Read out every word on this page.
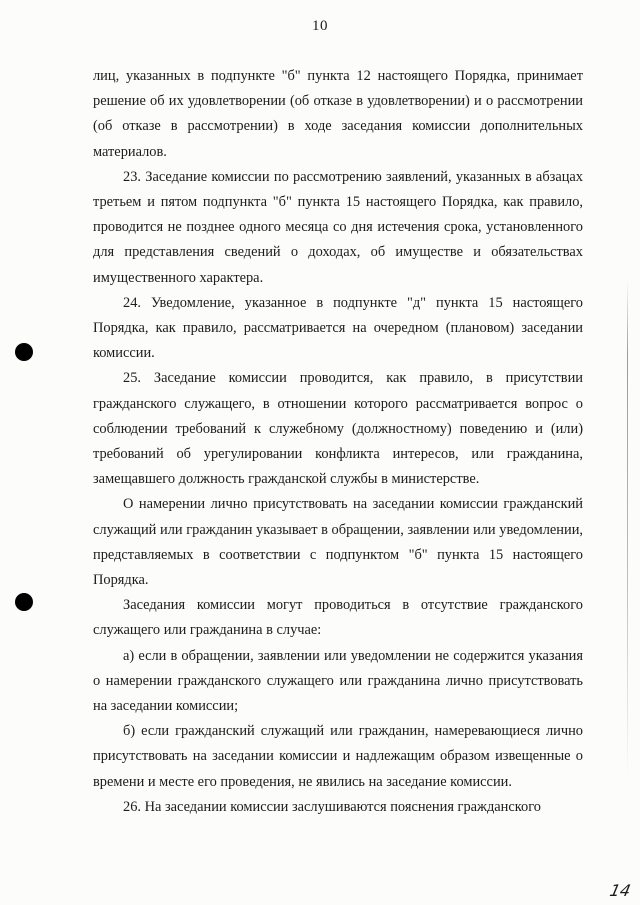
10

лиц, указанных в подпункте "б" пункта 12 настоящего Порядка, принимает решение об их удовлетворении (об отказе в удовлетворении) и о рассмотрении (об отказе в рассмотрении) в ходе заседания комиссии дополнительных материалов.

23. Заседание комиссии по рассмотрению заявлений, указанных в абзацах третьем и пятом подпункта "б" пункта 15 настоящего Порядка, как правило, проводится не позднее одного месяца со дня истечения срока, установленного для представления сведений о доходах, об имуществе и обязательствах имущественного характера.

24. Уведомление, указанное в подпункте "д" пункта 15 настоящего Порядка, как правило, рассматривается на очередном (плановом) заседании комиссии.

25. Заседание комиссии проводится, как правило, в присутствии гражданского служащего, в отношении которого рассматривается вопрос о соблюдении требований к служебному (должностному) поведению и (или) требований об урегулировании конфликта интересов, или гражданина, замещавшего должность гражданской службы в министерстве.

О намерении лично присутствовать на заседании комиссии гражданский служащий или гражданин указывает в обращении, заявлении или уведомлении, представляемых в соответствии с подпунктом "б" пункта 15 настоящего Порядка.

Заседания комиссии могут проводиться в отсутствие гражданского служащего или гражданина в случае:

а) если в обращении, заявлении или уведомлении не содержится указания о намерении гражданского служащего или гражданина лично присутствовать на заседании комиссии;

б) если гражданский служащий или гражданин, намеревающиеся лично присутствовать на заседании комиссии и надлежащим образом извещенные о времени и месте его проведения, не явились на заседание комиссии.

26. На заседании комиссии заслушиваются пояснения гражданского

14
